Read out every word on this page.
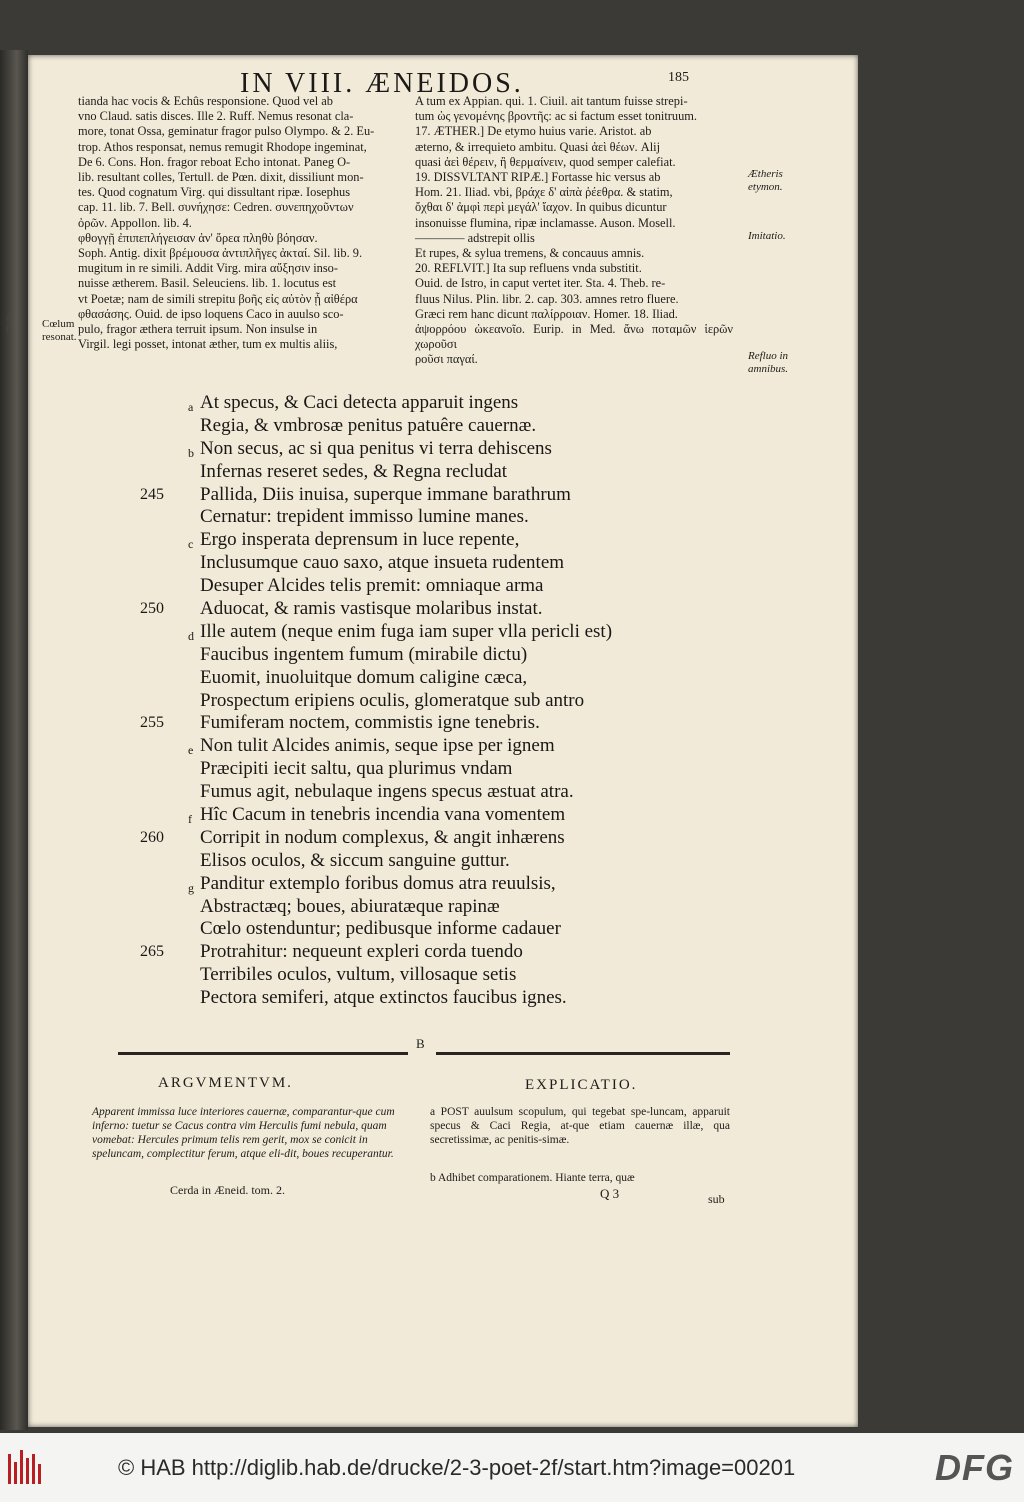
ℰ
n
IN VIII. ÆNEIDOS.	185
Cœlum
resonat.

tianda hac vocis & Echûs responsione. Quod vel ab

vno Claud. satis disces. Ille 2. Ruff. Nemus resonat cla-

more, tonat Ossa, geminatur fragor pulso Olympo. & 2. Eu-

trop. Athos responsat, nemus remugit Rhodope ingeminat,

De 6. Cons. Hon. fragor reboat Echo intonat. Paneg O-

lib. resultant colles, Tertull. de Pœn. dixit, dissiliunt mon-

tes. Quod cognatum Virg. qui dissultant ripæ. Iosephus

cap. 11. lib. 7. Bell. συνήχησε: Cedren. συνεπηχοῦντων

ὀρῶν. Appollon. lib. 4.

φθογγῇ ἐπιπεπλήγεισαν ἀν' ὄρεα πληθὺ βόησαν.

Soph. Antig. dixit βρέμουσα ἀντιπλῆγες ἀκταί. Sil. lib. 9.

mugitum in re simili. Addit Virg. mira αὔξησιν inso-

nuisse ætherem. Basil. Seleuciens. lib. 1. locutus est

vt Poetæ; nam de simili strepitu βοῆς εἰς αὐτὸν ᾗ αἰθέρα

φθασάσης. Ouid. de ipso loquens Caco in auulso sco-

pulo, fragor æthera terruit ipsum. Non insulse in

Virgil. legi posset, intonat æther, tum ex multis aliis,

A tum ex Appian. qui. 1. Ciuil. ait tantum fuisse strepi-

tum ὡς γενομένης βροντῆς: ac si factum esset tonitruum.

17. ÆTHER.] De etymo huius varie. Aristot. ab

æterno, & irrequieto ambitu. Quasi ἀεὶ θέων. Alij

quasi ἀεὶ θέρειν, ἢ θερμαίνειν, quod semper calefiat.

19. DISSVLTANT RIPÆ.] Fortasse hic versus ab

Hom. 21. Iliad. vbi, βράχε δ' αἰπὰ ῥέεθρα. & statim,

ὄχθαι δ' ἀμφὶ περὶ μεγάλ' ἴαχον. In quibus dicuntur

insonuisse flumina, ripæ inclamasse. Auson. Mosell.

———— adstrepit ollis

Et rupes, & sylua tremens, & concauus amnis.

20. REFLVIT.] Ita sup refluens vnda substitit.

Ouid. de Istro, in caput vertet iter. Sta. 4. Theb. re-

fluus Nilus. Plin. libr. 2. cap. 303. amnes retro fluere.

Græci rem hanc dicunt παλίρροιαν. Homer. 18. Iliad.

ἀψορρόου ὠκεανοῖο. Eurip. in Med. ἄνω ποταμῶν ἱερῶν χωροῦσι

ροῦσι παγαί.

Ætheris
etymon.
Imitatio.
Refluo in
amnibus.
a At specus, & Caci detecta apparuit ingens
Regia, & vmbrosæ penitus patuêre cauernæ.
b Non secus, ac si qua penitus vi terra dehiscens
Infernas reseret sedes, & Regna recludat
245	Pallida, Diis inuisa, superque immane barathrum
Cernatur: trepident immisso lumine manes.
c Ergo insperata deprensum in luce repente,
Inclusumque cauo saxo, atque insueta rudentem
Desuper Alcides telis premit: omniaque arma
250	Aduocat, & ramis vastisque molaribus instat.
d Ille autem (neque enim fuga iam super vlla pericli est)
Faucibus ingentem fumum (mirabile dictu)
Euomit, inuoluitque domum caligine cæca,
Prospectum eripiens oculis, glomeratque sub antro
255	Fumiferam noctem, commistis igne tenebris.
e Non tulit Alcides animis, seque ipse per ignem
Præcipiti iecit saltu, qua plurimus vndam
Fumus agit, nebulaque ingens specus æstuat atra.
f Hîc Cacum in tenebris incendia vana vomentem
260	Corripit in nodum complexus, & angit inhærens
Elisos oculos, & siccum sanguine guttur.
g Panditur extemplo foribus domus atra reuulsis,
Abstractæq; boues, abiuratæque rapinæ
Cœlo ostenduntur; pedibusque informe cadauer
265	Protrahitur: nequeunt expleri corda tuendo
Terribiles oculos, vultum, villosaque setis
Pectora semiferi, atque extinctos faucibus ignes.
B
ARGVMENTVM.
Apparent immissa luce interiores cauernæ, comparantur-que cum inferno: tuetur se Cacus contra vim Herculis fumi nebula, quam vomebat: Hercules primum telis rem gerit, mox se conicit in speluncam, complectitur ferum, atque eli-dit, boues recuperantur.
Cerda in Æneid. tom. 2.
EXPLICATIO.
a POST auulsum scopulum, qui tegebat spe-luncam, apparuit specus & Caci Regia, at-que etiam cauernæ illæ, qua secretissimæ, ac penitis-simæ.
b Adhibet comparationem. Hiante terra, quæ
Q 3	sub
© HAB http://diglib.hab.de/drucke/2-3-poet-2f/start.htm?image=00201	DFG
